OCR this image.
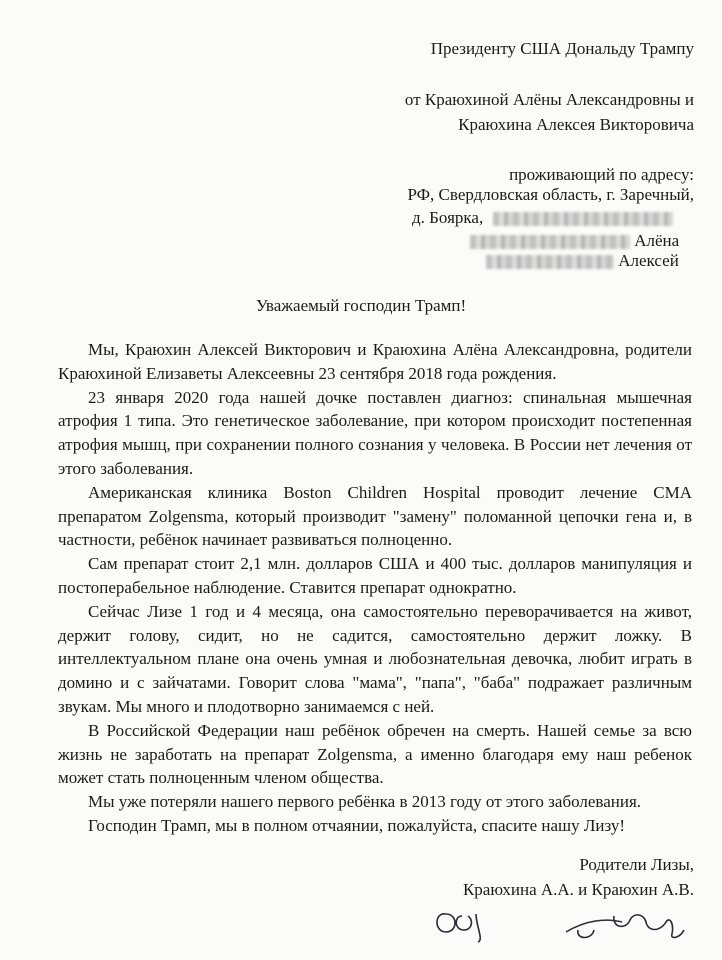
Президенту США Дональду Трампу
от Краюхиной Алёны Александровны и
Краюхина Алексея Викторовича
проживающий по адресу:
РФ, Свердловская область, г. Заречный,
д. Боярка,
Алёна
Алексей
Уважаемый господин Трамп!

Мы, Краюхин Алексей Викторович и Краюхина Алёна Александровна, родители Краюхиной Елизаветы Алексеевны 23 сентября 2018 года рождения.

23 января 2020 года нашей дочке поставлен диагноз: спинальная мышечная атрофия 1 типа. Это генетическое заболевание, при котором происходит постепенная атрофия мышц, при сохранении полного сознания у человека. В России нет лечения от этого заболевания.

Американская клиника Boston Children Hospital проводит лечение СМА препаратом Zolgensma, который производит "замену" поломанной цепочки гена и, в частности, ребёнок начинает развиваться полноценно.

Сам препарат стоит 2,1 млн. долларов США и 400 тыс. долларов манипуляция и постоперабельное наблюдение. Ставится препарат однократно.

Сейчас Лизе 1 год и 4 месяца, она самостоятельно переворачивается на живот, держит голову, сидит, но не садится, самостоятельно держит ложку. В интеллектуальном плане она очень умная и любознательная девочка, любит играть в домино и с зайчатами. Говорит слова "мама", "папа", "баба" подражает различным звукам. Мы много и плодотворно занимаемся с ней.

В Российской Федерации наш ребёнок обречен на смерть. Нашей семье за всю жизнь не заработать на препарат Zolgensma, а именно благодаря ему наш ребенок может стать полноценным членом общества.

Мы уже потеряли нашего первого ребёнка в 2013 году от этого заболевания.

Господин Трамп, мы в полном отчаянии, пожалуйста, спасите нашу Лизу!

Родители Лизы,
Краюхина А.А. и Краюхин А.В.
